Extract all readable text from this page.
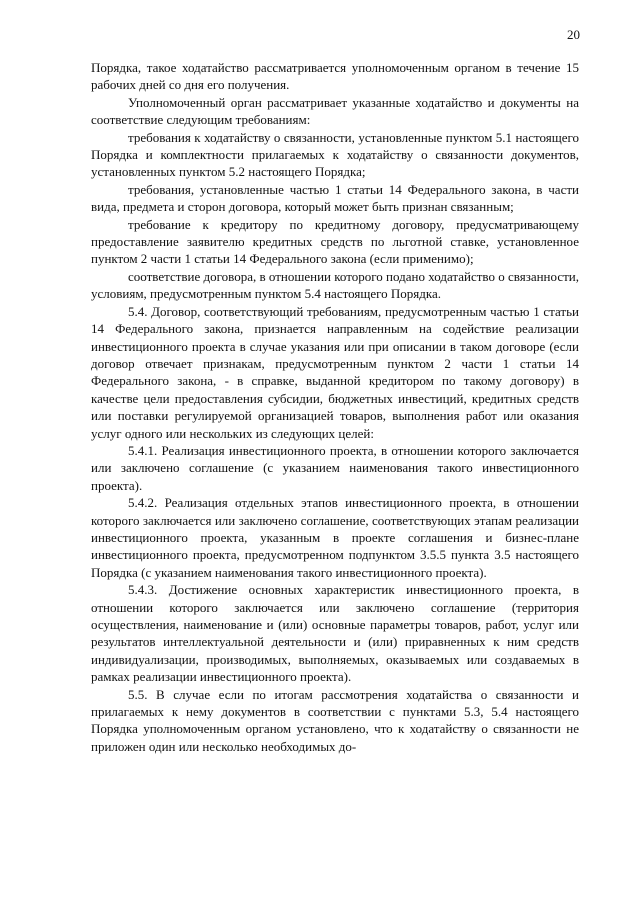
20

Порядка, такое ходатайство рассматривается уполномоченным органом в течение 15 рабочих дней со дня его получения.

Уполномоченный орган рассматривает указанные ходатайство и документы на соответствие следующим требованиям:

требования к ходатайству о связанности, установленные пунктом 5.1 настоящего Порядка и комплектности прилагаемых к ходатайству о связанности документов, установленных пунктом 5.2 настоящего Порядка;

требования, установленные частью 1 статьи 14 Федерального закона, в части вида, предмета и сторон договора, который может быть признан связанным;

требование к кредитору по кредитному договору, предусматривающему предоставление заявителю кредитных средств по льготной ставке, установленное пунктом 2 части 1 статьи 14 Федерального закона (если применимо);

соответствие договора, в отношении которого подано ходатайство о связанности, условиям, предусмотренным пунктом 5.4 настоящего Порядка.

5.4. Договор, соответствующий требованиям, предусмотренным частью 1 статьи 14 Федерального закона, признается направленным на содействие реализации инвестиционного проекта в случае указания или при описании в таком договоре (если договор отвечает признакам, предусмотренным пунктом 2 части 1 статьи 14 Федерального закона, - в справке, выданной кредитором по такому договору) в качестве цели предоставления субсидии, бюджетных инвестиций, кредитных средств или поставки регулируемой организацией товаров, выполнения работ или оказания услуг одного или нескольких из следующих целей:

5.4.1. Реализация инвестиционного проекта, в отношении которого заключается или заключено соглашение (с указанием наименования такого инвестиционного проекта).

5.4.2. Реализация отдельных этапов инвестиционного проекта, в отношении которого заключается или заключено соглашение, соответствующих этапам реализации инвестиционного проекта, указанным в проекте соглашения и бизнес-плане инвестиционного проекта, предусмотренном подпунктом 3.5.5 пункта 3.5 настоящего Порядка (с указанием наименования такого инвестиционного проекта).

5.4.3. Достижение основных характеристик инвестиционного проекта, в отношении которого заключается или заключено соглашение (территория осуществления, наименование и (или) основные параметры товаров, работ, услуг или результатов интеллектуальной деятельности и (или) приравненных к ним средств индивидуализации, производимых, выполняемых, оказываемых или создаваемых в рамках реализации инвестиционного проекта).

5.5. В случае если по итогам рассмотрения ходатайства о связанности и прилагаемых к нему документов в соответствии с пунктами 5.3, 5.4 настоящего Порядка уполномоченным органом установлено, что к ходатайству о связанности не приложен один или несколько необходимых до-
